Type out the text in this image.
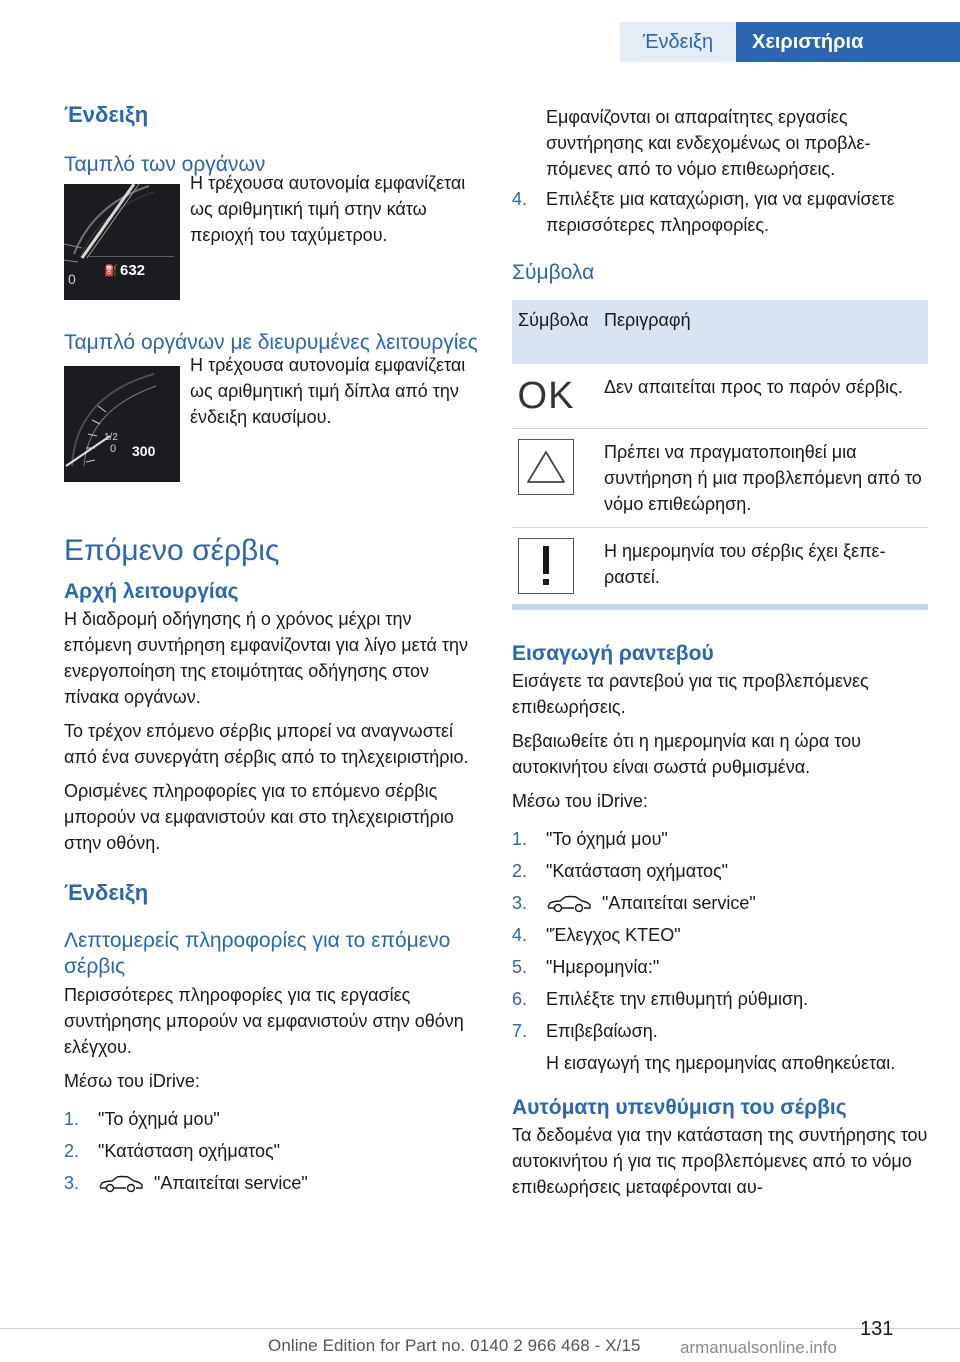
Ένδειξη	Χειριστήρια
Ένδειξη
Ταμπλό των οργάνων
0
⛽ 632
Η τρέχουσα αυτονομία εμφανίζεται ως αριθμητική τιμή στην κάτω περιοχή του ταχύμετρου.
Ταμπλό οργάνων με διευρυμένες λειτουργίες
1/2
0 300
Η τρέχουσα αυτονομία εμφανίζεται ως αριθμητική τιμή δίπλα από την ένδειξη καυσίμου.
Επόμενο σέρβις
Αρχή λειτουργίας

Η διαδρομή οδήγησης ή ο χρόνος μέχρι την επόμενη συντήρηση εμφανίζονται για λίγο μετά την ενεργοποίηση της ετοιμότητας οδήγησης στον πίνακα οργάνων.

Το τρέχον επόμενο σέρβις μπορεί να αναγνωστεί από ένα συνεργάτη σέρβις από το τηλεχειριστήριο.

Ορισμένες πληροφορίες για το επόμενο σέρβις μπορούν να εμφανιστούν και στο τηλεχειριστήριο στην οθόνη.

Ένδειξη
Λεπτομερείς πληροφορίες για το επόμενο σέρβις

Περισσότερες πληροφορίες για τις εργασίες συντήρησης μπορούν να εμφανιστούν στην οθόνη ελέγχου.

Μέσω του iDrive:

1.	"Το όχημά μου"
2.	"Κατάσταση οχήματος"
3.	"Απαιτείται service"
Εμφανίζονται οι απαραίτητες εργασίες συντήρησης και ενδεχομένως οι προβλεπόμενες από το νόμο επιθεωρήσεις.
4.	Επιλέξτε μια καταχώριση, για να εμφανίσετε περισσότερες πληροφορίες.
Σύμβολα
Σύμβολα	Περιγραφή

OK	Δεν απαιτείται προς το παρόν σέρβις.

	Πρέπει να πραγματοποιηθεί μια συντήρηση ή μια προβλεπόμενη από το νόμο επιθεώρηση.

	Η ημερομηνία του σέρβις έχει ξεπεραστεί.
Εισαγωγή ραντεβού

Εισάγετε τα ραντεβού για τις προβλεπόμενες επιθεωρήσεις.

Βεβαιωθείτε ότι η ημερομηνία και η ώρα του αυτοκινήτου είναι σωστά ρυθμισμένα.

Μέσω του iDrive:

1.	"Το όχημά μου"
2.	"Κατάσταση οχήματος"
3.	"Απαιτείται service"
4.	"Έλεγχος ΚΤΕΟ"
5.	"Ημερομηνία:"
6.	Επιλέξτε την επιθυμητή ρύθμιση.
7.	Επιβεβαίωση.
Η εισαγωγή της ημερομηνίας αποθηκεύεται.
Αυτόματη υπενθύμιση του σέρβις

Τα δεδομένα για την κατάσταση της συντήρησης του αυτοκινήτου ή για τις προβλεπόμενες από το νόμο επιθεωρήσεις μεταφέρονται αυ-

131
Online Edition for Part no. 0140 2 966 468 - X/15 armanualsonline.info
